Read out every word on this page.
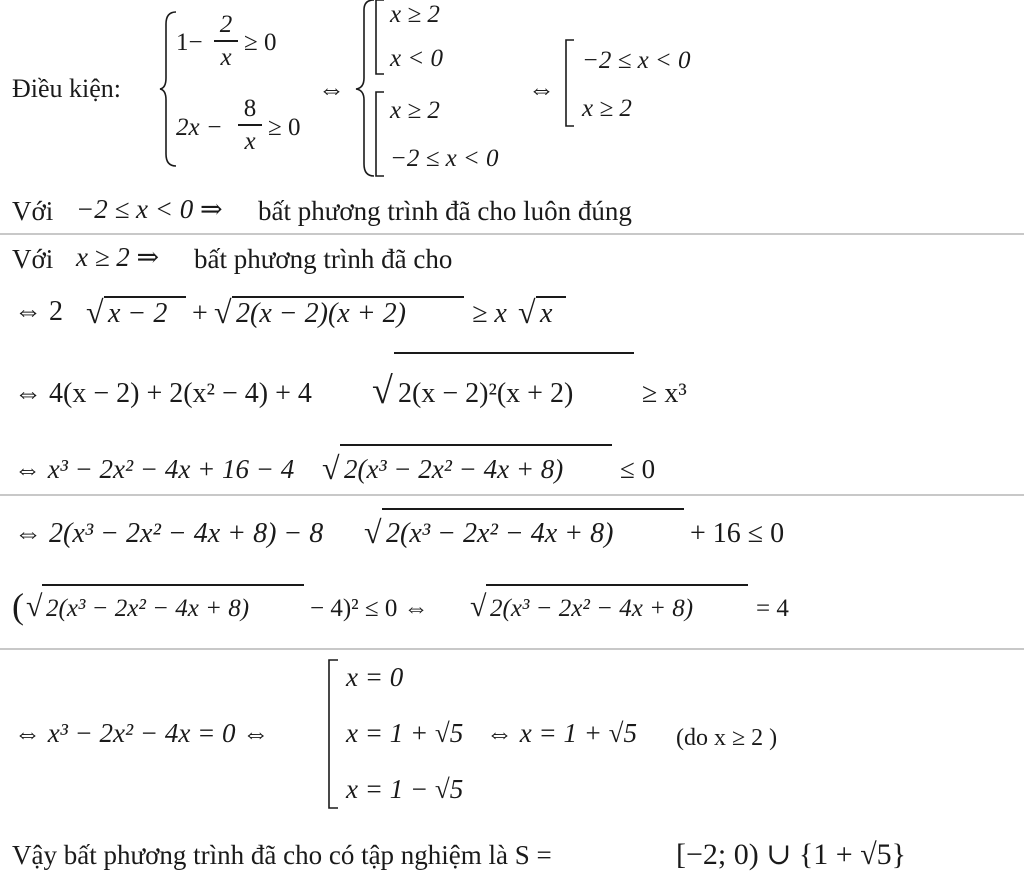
Điều kiện:
1−
2
x
≥ 0
2x −
8
x ≥ 0
⇔
x ≥ 2
x < 0
x ≥ 2
−2 ≤ x < 0
⇔
−2 ≤ x < 0
x ≥ 2
Với −2 ≤ x < 0 ⇒ bất phương trình đã cho luôn đúng
Với x ≥ 2 ⇒ bất phương trình đã cho
⇔ 2 √ x − 2 + √ 2(x − 2)(x + 2) ≥ x √ x
⇔ 4(x − 2) + 2(x² − 4) + 4 √ 2(x − 2)²(x + 2) ≥ x³
⇔ x³ − 2x² − 4x + 16 − 4 √ 2(x³ − 2x² − 4x + 8) ≤ 0
⇔ 2(x³ − 2x² − 4x + 8) − 8 √ 2(x³ − 2x² − 4x + 8)	+ 16 ≤ 0
( √ 2(x³ − 2x² − 4x + 8) − 4)² ≤ 0 ⇔ √ 2(x³ − 2x² − 4x + 8)	= 4
⇔ x³ − 2x² − 4x = 0 ⇔
x = 0
x = 1 + √5
x = 1 − √5
⇔ x = 1 + √5 (do x ≥ 2 )
Vậy bất phương trình đã cho có tập nghiệm là S =	[−2; 0) ∪ {1 + √5}
